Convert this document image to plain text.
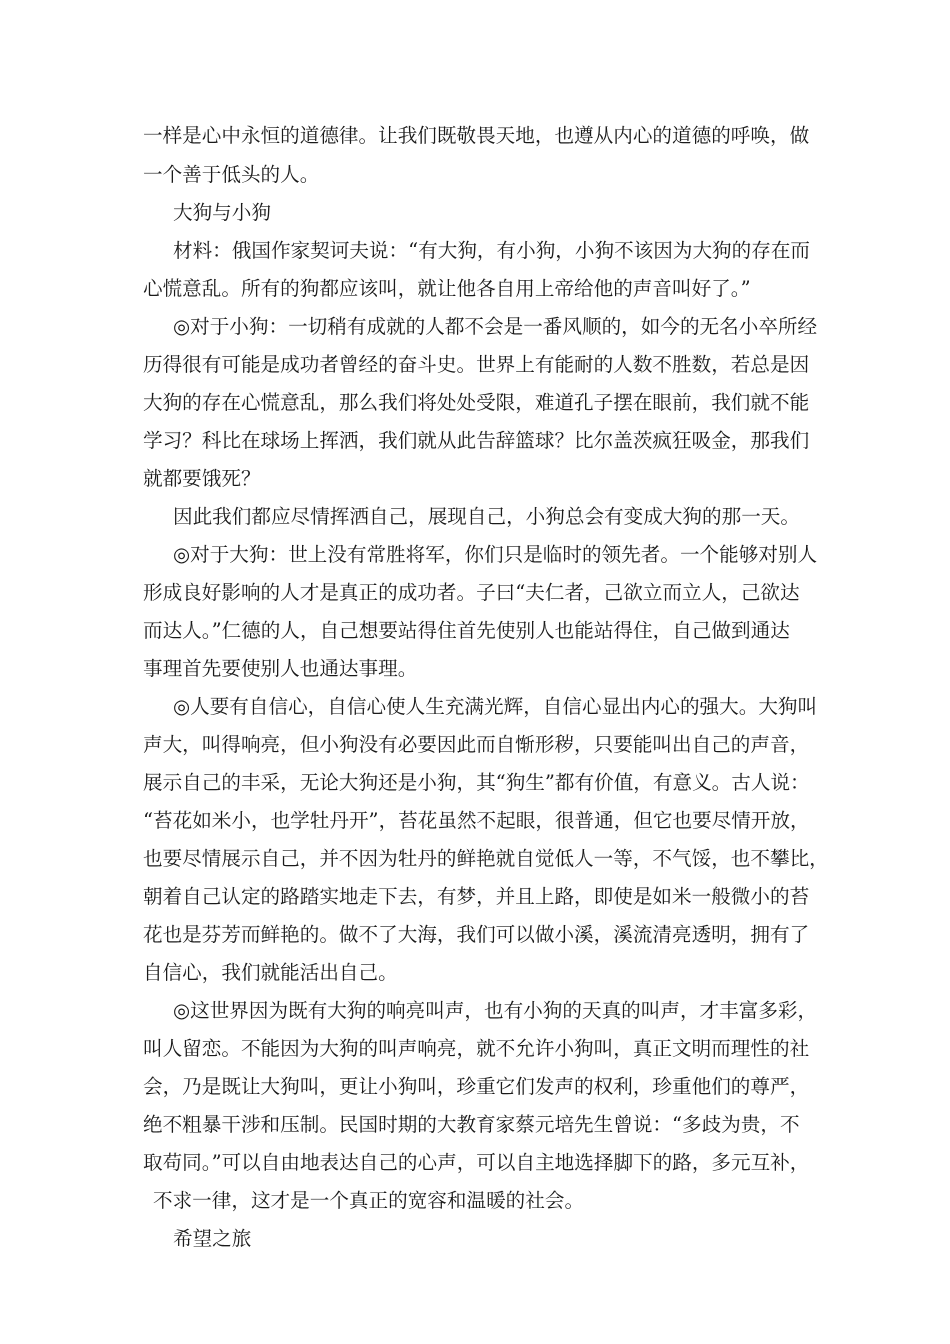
一样是心中永恒的道德律。让我们既敬畏天地，也遵从内心的道德的呼唤，做

一个善于低头的人。

大狗与小狗

材料：俄国作家契诃夫说：“有大狗，有小狗，小狗不该因为大狗的存在而

心慌意乱。所有的狗都应该叫，就让他各自用上帝给他的声音叫好了。”

◎对于小狗：一切稍有成就的人都不会是一番风顺的，如今的无名小卒所经

历得很有可能是成功者曾经的奋斗史。世界上有能耐的人数不胜数，若总是因

大狗的存在心慌意乱，那么我们将处处受限，难道孔子摆在眼前，我们就不能

学习？科比在球场上挥洒，我们就从此告辞篮球？比尔盖茨疯狂吸金，那我们

就都要饿死？

因此我们都应尽情挥洒自己，展现自己，小狗总会有变成大狗的那一天。

◎对于大狗：世上没有常胜将军，你们只是临时的领先者。一个能够对别人

形成良好影响的人才是真正的成功者。子曰“夫仁者，己欲立而立人，己欲达

而达人。”仁德的人，自己想要站得住首先使别人也能站得住，自己做到通达

事理首先要使别人也通达事理。

◎人要有自信心，自信心使人生充满光辉，自信心显出内心的强大。大狗叫

声大，叫得响亮，但小狗没有必要因此而自惭形秽，只要能叫出自己的声音，

展示自己的丰采，无论大狗还是小狗，其“狗生”都有价值，有意义。古人说：

“苔花如米小，也学牡丹开”，苔花虽然不起眼，很普通，但它也要尽情开放，

也要尽情展示自己，并不因为牡丹的鲜艳就自觉低人一等，不气馁，也不攀比，

朝着自己认定的路踏实地走下去，有梦，并且上路，即使是如米一般微小的苔

花也是芬芳而鲜艳的。做不了大海，我们可以做小溪，溪流清亮透明，拥有了

自信心，我们就能活出自己。

◎这世界因为既有大狗的响亮叫声，也有小狗的天真的叫声，才丰富多彩，

叫人留恋。不能因为大狗的叫声响亮，就不允许小狗叫，真正文明而理性的社

会，乃是既让大狗叫，更让小狗叫，珍重它们发声的权利，珍重他们的尊严，

绝不粗暴干涉和压制。民国时期的大教育家蔡元培先生曾说：“多歧为贵，不

取苟同。”可以自由地表达自己的心声，可以自主地选择脚下的路，多元互补，

不求一律，这才是一个真正的宽容和温暖的社会。

希望之旅
